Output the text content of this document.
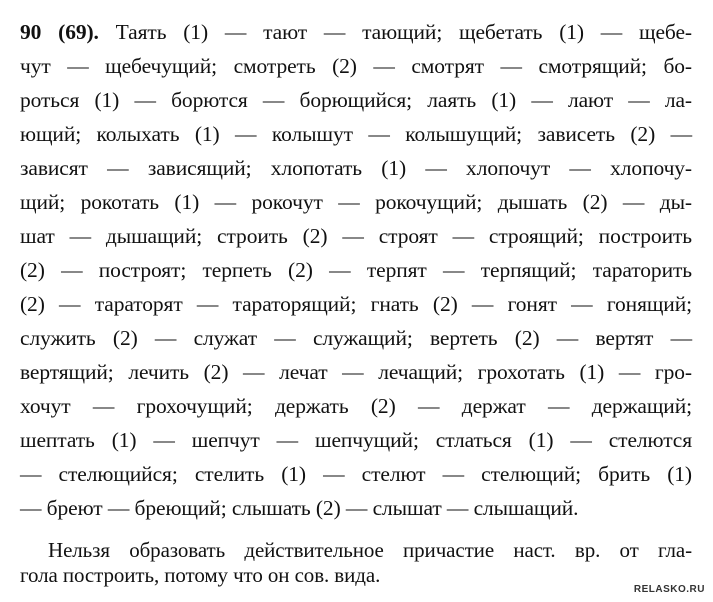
90 (69). Таять (1) — тают — тающий; щебетать (1) — щебе-
чут — щебечущий; смотреть (2) — смотрят — смотрящий; бо-
роться (1) — борются — борющийся; лаять (1) — лают — ла-
ющий; колыхать (1) — колышут — колышущий; зависеть (2) —
зависят — зависящий; хлопотать (1) — хлопочут — хлопочу-
щий; рокотать (1) — рокочут — рокочущий; дышать (2) — ды-
шат — дышащий; строить (2) — строят — строящий; построить
(2) — построят; терпеть (2) — терпят — терпящий; тараторить
(2) — тараторят — тараторящий; гнать (2) — гонят — гонящий;
служить (2) — служат — служащий; вертеть (2) — вертят —
вертящий; лечить (2) — лечат — лечащий; грохотать (1) — гро-
хочут — грохочущий; держать (2) — держат — держащий;
шептать (1) — шепчут — шепчущий; стлаться (1) — стелются
— стелющийся; стелить (1) — стелют — стелющий; брить (1)
— бреют — бреющий; слышать (2) — слышат — слышащий.
Нельзя образовать действительное причастие наст. вр. от гла-
гола построить, потому что он сов. вида.
RELASKO.RU
